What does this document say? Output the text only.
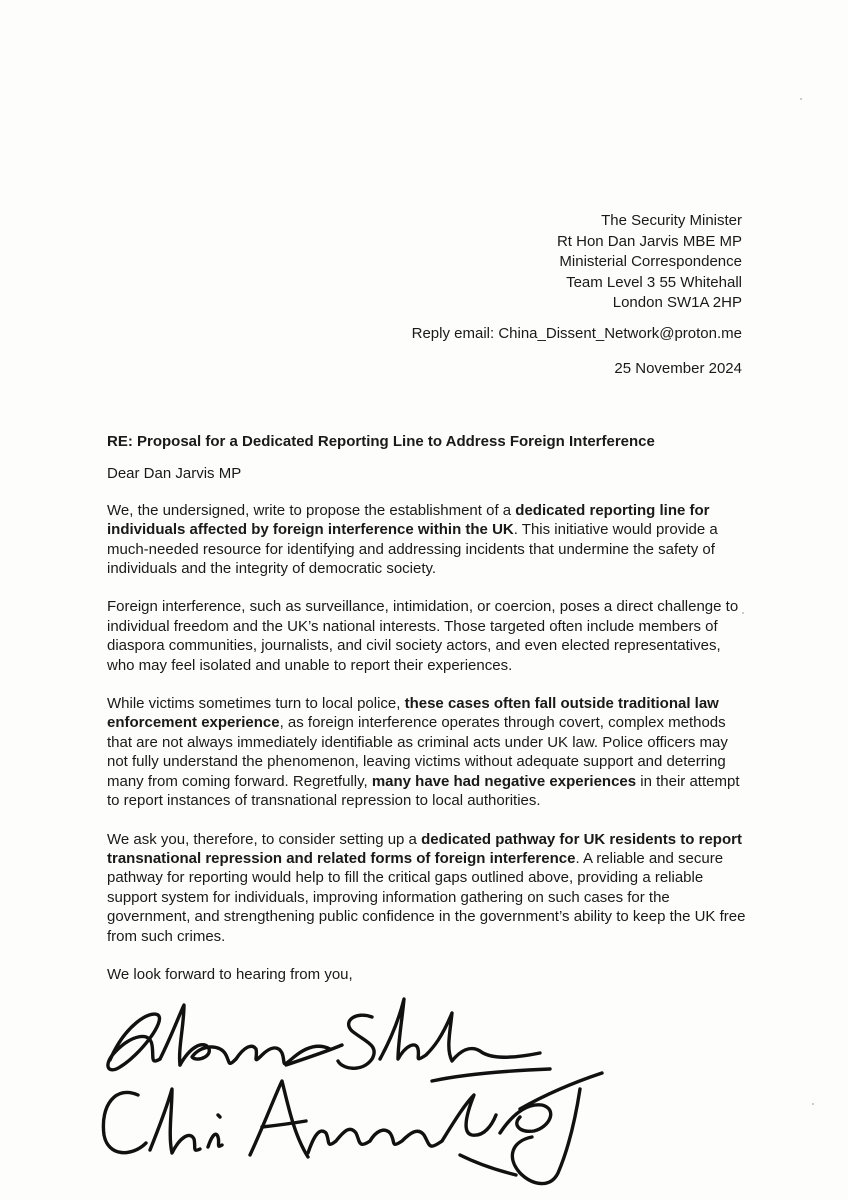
The Security Minister
Rt Hon Dan Jarvis MBE MP
Ministerial Correspondence
Team Level 3 55 Whitehall
London SW1A 2HP
Reply email: China_Dissent_Network@proton.me
25 November 2024

RE: Proposal for a Dedicated Reporting Line to Address Foreign Interference

Dear Dan Jarvis MP

We, the undersigned, write to propose the establishment of a dedicated reporting line for individuals affected by foreign interference within the UK. This initiative would provide a much-needed resource for identifying and addressing incidents that undermine the safety of individuals and the integrity of democratic society.

Foreign interference, such as surveillance, intimidation, or coercion, poses a direct challenge to individual freedom and the UK’s national interests. Those targeted often include members of diaspora communities, journalists, and civil society actors, and even elected representatives, who may feel isolated and unable to report their experiences.

While victims sometimes turn to local police, these cases often fall outside traditional law enforcement experience, as foreign interference operates through covert, complex methods that are not always immediately identifiable as criminal acts under UK law. Police officers may not fully understand the phenomenon, leaving victims without adequate support and deterring many from coming forward. Regretfully, many have had negative experiences in their attempt to report instances of transnational repression to local authorities.

We ask you, therefore, to consider setting up a dedicated pathway for UK residents to report transnational repression and related forms of foreign interference. A reliable and secure pathway for reporting would help to fill the critical gaps outlined above, providing a reliable support system for individuals, improving information gathering on such cases for the government, and strengthening public confidence in the government’s ability to keep the UK free from such crimes.

We look forward to hearing from you,
